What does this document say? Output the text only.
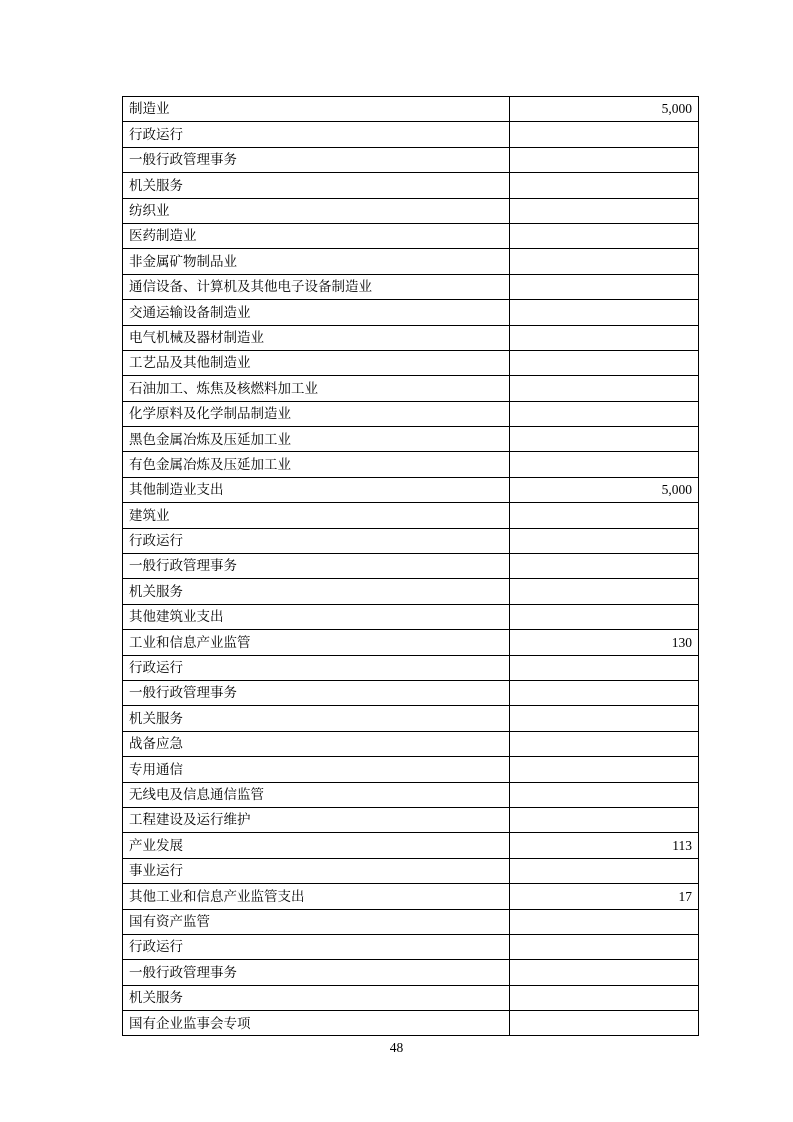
制造业	5,000
行政运行	
一般行政管理事务	
机关服务	
纺织业	
医药制造业	
非金属矿物制品业	
通信设备、计算机及其他电子设备制造业	
交通运输设备制造业	
电气机械及器材制造业	
工艺品及其他制造业	
石油加工、炼焦及核燃料加工业	
化学原料及化学制品制造业	
黑色金属冶炼及压延加工业	
有色金属冶炼及压延加工业	
其他制造业支出	5,000
建筑业	
行政运行	
一般行政管理事务	
机关服务	
其他建筑业支出	
工业和信息产业监管	130
行政运行	
一般行政管理事务	
机关服务	
战备应急	
专用通信	
无线电及信息通信监管	
工程建设及运行维护	
产业发展	113
事业运行	
其他工业和信息产业监管支出	17
国有资产监管	
行政运行	
一般行政管理事务	
机关服务	
国有企业监事会专项	
48
